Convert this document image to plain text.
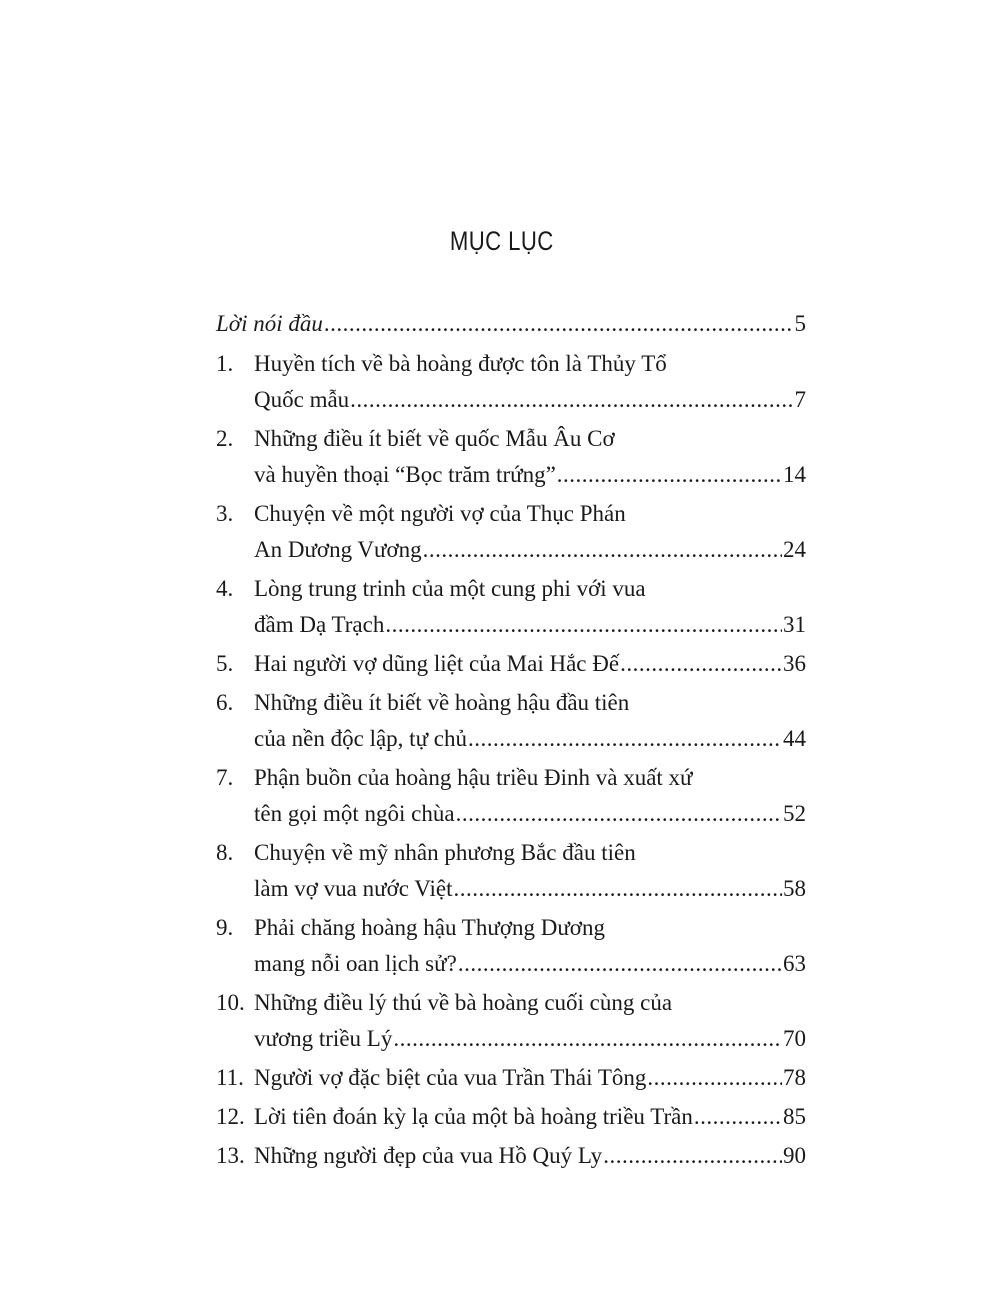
MỤC LỤC
Lời nói đầu .....	5
1. Huyền tích về bà hoàng được tôn là Thủy Tổ
Quốc mẫu .....	7
2. Những điều ít biết về quốc Mẫu Âu Cơ
và huyền thoại “Bọc trăm trứng” .....	14
3. Chuyện về một người vợ của Thục Phán
An Dương Vương .....	24
4. Lòng trung trinh của một cung phi với vua
đầm Dạ Trạch .....	31
5. Hai người vợ dũng liệt của Mai Hắc Đế .....	36
6. Những điều ít biết về hoàng hậu đầu tiên
của nền độc lập, tự chủ .....	44
7. Phận buồn của hoàng hậu triều Đinh và xuất xứ
tên gọi một ngôi chùa .....	52
8. Chuyện về mỹ nhân phương Bắc đầu tiên
làm vợ vua nước Việt .....	58
9. Phải chăng hoàng hậu Thượng Dương
mang nỗi oan lịch sử? .....	63
10. Những điều lý thú về bà hoàng cuối cùng của
vương triều Lý .....	70
11. Người vợ đặc biệt của vua Trần Thái Tông .....	78
12. Lời tiên đoán kỳ lạ của một bà hoàng triều Trần .....	85
13. Những người đẹp của vua Hồ Quý Ly .....	90
